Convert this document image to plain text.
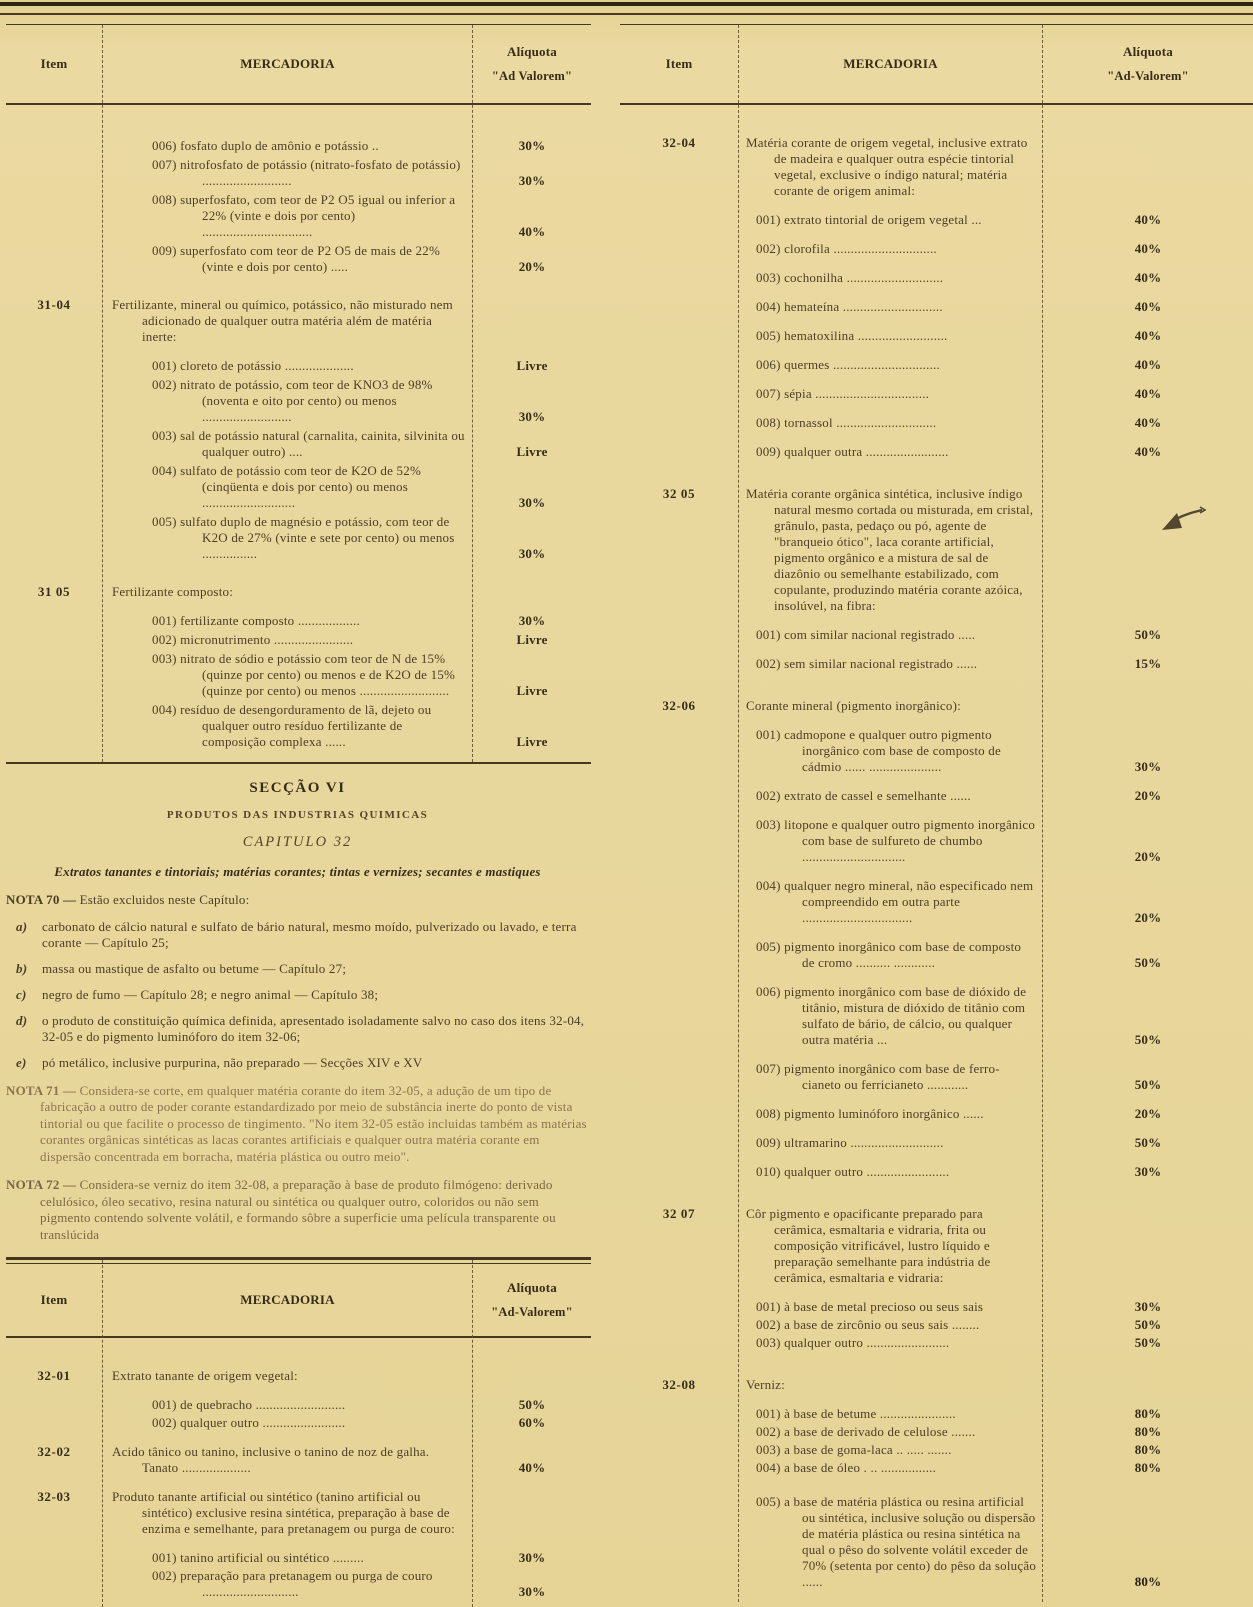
Item	MERCADORIA
Alíquota
"Ad Valorem"
006) fosfato duplo de amônio e potássio ..	30%
007) nitrofosfato de potássio (nitrato-fosfato de potássio) ..........................	30%
008) superfosfato, com teor de P2 O5 igual ou inferior a 22% (vinte e dois por cento) ................................	40%
009) superfosfato com teor de P2 O5 de mais de 22% (vinte e dois por cento) .....	20%
31-04	Fertilizante, mineral ou químico, potássico, não misturado nem adicionado de qualquer outra matéria além de matéria inerte:
001) cloreto de potássio ....................	Livre
002) nitrato de potássio, com teor de KNO3 de 98% (noventa e oito por cento) ou menos ..........................	30%
003) sal de potássio natural (carnalita, cainita, silvinita ou qualquer outro) ....	Livre
004) sulfato de potássio com teor de K2O de 52% (cinqüenta e dois por cento) ou menos ...........................	30%
005) sulfato duplo de magnésio e potássio, com teor de K2O de 27% (vinte e sete por cento) ou menos ................	30%
31 05	Fertilizante composto:
001) fertilizante composto ..................	30%
002) micronutrimento .......................	Livre
003) nitrato de sódio e potássio com teor de N de 15% (quinze por cento) ou menos e de K2O de 15% (quinze por cento) ou menos ..........................	Livre
004) resíduo de desengorduramento de lã, dejeto ou qualquer outro resíduo fertilizante de composição complexa ......	Livre
SECÇÃO VI
PRODUTOS DAS INDUSTRIAS QUIMICAS
CAPITULO 32
Extratos tanantes e tintoriais; matérias corantes; tintas e vernizes; secantes e mastiques
NOTA 70 — Estão excluidos neste Capítulo:
a)	carbonato de cálcio natural e sulfato de bário natural, mesmo moído, pulverizado ou lavado, e terra corante — Capítulo 25;
b)	massa ou mastique de asfalto ou betume — Capítulo 27;
c)	negro de fumo — Capítulo 28; e negro animal — Capítulo 38;
d)	o produto de constituição química definida, apresentado isoladamente salvo no caso dos itens 32-04, 32-05 e do pigmento luminóforo do item 32-06;
e)	pó metálico, inclusive purpurina, não preparado — Secções XIV e XV
NOTA 71 — Considera-se corte, em qualquer matéria corante do item 32-05, a adução de um tipo de fabricação a outro de poder corante estandardizado por meio de substância inerte do ponto de vista tintorial ou que facilite o processo de tingimento. "No item 32-05 estão incluidas também as matérias corantes orgânicas sintéticas as lacas corantes artificiais e qualquer outra matéria corante em dispersão concentrada em borracha, matéria plástica ou outro meio".
NOTA 72 — Considera-se verniz do item 32-08, a preparação à base de produto filmógeno: derivado celulósico, óleo secativo, resina natural ou sintética ou qualquer outro, coloridos ou não sem pigmento contendo solvente volátil, e formando sôbre a superficie uma película transparente ou translúcida
Item	MERCADORIA
Alíquota
"Ad-Valorem"
32-01	Extrato tanante de origem vegetal:
001) de quebracho ..........................	50%
002) qualquer outro ........................	60%
32-02	Acido tânico ou tanino, inclusive o tanino de noz de galha. Tanato ....................	40%
32-03	Produto tanante artificial ou sintético (tanino artificial ou sintético) exclusive resina sintética, preparação à base de enzima e semelhante, para pretanagem ou purga de couro:
001) tanino artificial ou sintético .........	30%
002) preparação para pretanagem ou purga de couro ............................	30%
Item	MERCADORIA
Alíquota
"Ad-Valorem"
32-04	Matéria corante de origem vegetal, inclusive extrato de madeira e qualquer outra espécie tintorial vegetal, exclusive o índigo natural; matéria corante de origem animal:
001) extrato tintorial de origem vegetal ...	40%
002) clorofila ..............................	40%
003) cochonilha ............................	40%
004) hemateína .............................	40%
005) hematoxilina ..........................	40%
006) quermes ...............................	40%
007) sépia .................................	40%
008) tornassol .............................	40%
009) qualquer outra ........................	40%
32 05	Matéria corante orgânica sintética, inclusive índigo natural mesmo cortada ou misturada, em cristal, grânulo, pasta, pedaço ou pó, agente de "branqueio ótico", laca corante artificial, pigmento orgânico e a mistura de sal de diazônio ou semelhante estabilizado, com copulante, produzindo matéria corante azóica, insolúvel, na fibra:
001) com similar nacional registrado .....	50%
002) sem similar nacional registrado ......	15%
32-06	Corante mineral (pigmento inorgânico):
001) cadmopone e qualquer outro pigmento inorgânico com base de composto de cádmio ...... .....................	30%
002) extrato de cassel e semelhante ......	20%
003) litopone e qualquer outro pigmento inorgânico com base de sulfureto de chumbo ..............................	20%
004) qualquer negro mineral, não especificado nem compreendido em outra parte ................................	20%
005) pigmento inorgânico com base de composto de cromo .......... ............	50%
006) pigmento inorgânico com base de dióxido de titânio, mistura de dióxido de titânio com sulfato de bário, de cálcio, ou qualquer outra matéria ...	50%
007) pigmento inorgânico com base de ferro-cianeto ou ferricianeto ............	50%
008) pigmento luminóforo inorgânico ......	20%
009) ultramarino ...........................	50%
010) qualquer outro ........................	30%
32 07	Côr pigmento e opacificante preparado para cerâmica, esmaltaria e vidraria, frita ou composição vitrificável, lustro líquido e preparação semelhante para indústria de cerâmica, esmaltaria e vidraria:
001) à base de metal precioso ou seus sais	30%
002) a base de zircônio ou seus sais ........	50%
003) qualquer outro ........................	50%
32-08	Verniz:
001) à base de betume ......................	80%
002) a base de derivado de celulose .......	80%
003) a base de goma-laca .. ..... .......	80%
004) a base de óleo . .. ................	80%
005) a base de matéria plástica ou resina artificial ou sintética, inclusive solução ou dispersão de matéria plástica ou resina sintética na qual o pêso do solvente volátil exceder de 70% (setenta por cento) do pêso da solução ......	80%
